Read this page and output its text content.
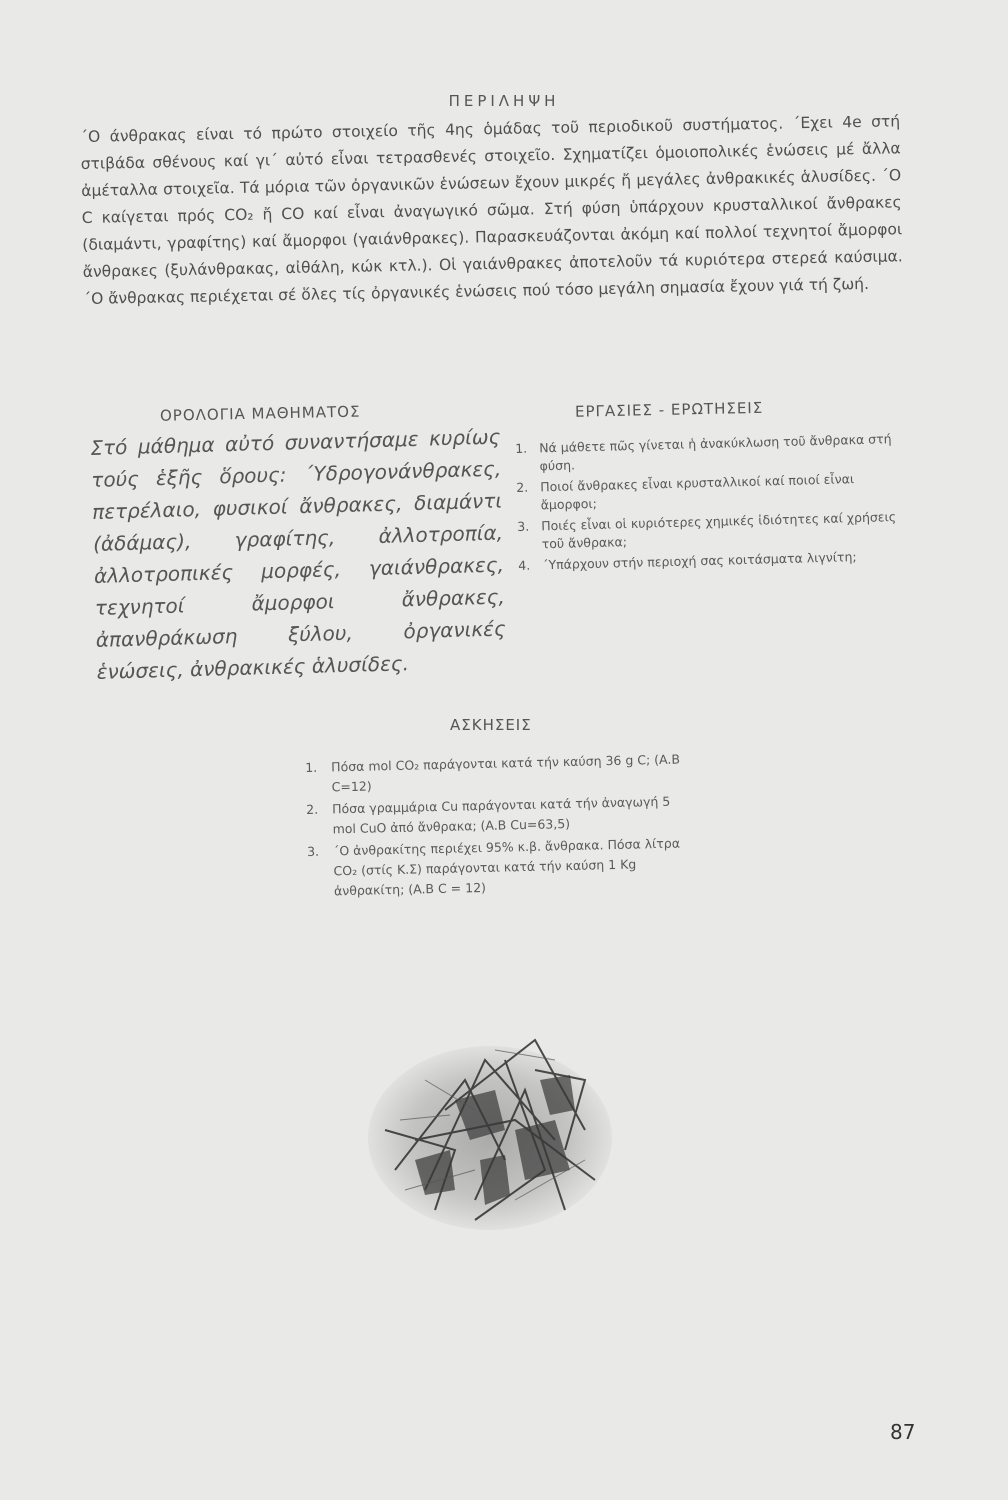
ΠΕΡΙΛΗΨΗ
΄Ο άνθρακας είναι τό πρώτο στοιχείο τῆς 4ης ὁμάδας τοῦ περιοδικοῦ συστήματος. ΄Εχει 4e στή στιβάδα σθένους καί γι΄ αὐτό εἶναι τετρασθενές στοιχεῖο. Σχηματίζει ὁμοιοπολικές ἑνώσεις μέ ἄλλα ἀμέταλλα στοιχεῖα. Τά μόρια τῶν ὀργανικῶν ἑνώσεων ἔχουν μικρές ἤ μεγάλες ἀνθρακικές ἁλυσίδες. ΄Ο C καίγεται πρός CO₂ ἤ CO καί εἶναι ἀναγωγικό σῶμα. Στή φύση ὑπάρχουν κρυσταλλικοί ἄνθρακες (διαμάντι, γραφίτης) καί ἄμορφοι (γαιάνθρακες). Παρασκευάζονται ἀκόμη καί πολλοί τεχνητοί ἄμορφοι ἄνθρακες (ξυλάνθρακας, αἰθάλη, κώκ κτλ.). Οἱ γαιάνθρακες ἀποτελοῦν τά κυριότερα στερεά καύσιμα. ΄Ο ἄνθρακας περιέχεται σέ ὅλες τίς ὀργανικές ἑνώσεις πού τόσο μεγάλη σημασία ἔχουν γιά τή ζωή.
ΟΡΟΛΟΓΙΑ ΜΑΘΗΜΑΤΟΣ
Στό μάθημα αὐτό συναντήσαμε κυρίως τούς ἑξῆς ὅρους: ΄Υδρογονάνθρακες, πετρέλαιο, φυσικοί ἄνθρακες, διαμάντι (ἀδάμας), γραφίτης, ἀλλοτροπία, ἀλλοτροπικές μορφές, γαιάνθρακες, τεχνητοί ἄμορφοι ἄνθρακες, ἀπανθράκωση ξύλου, ὀργανικές ἑνώσεις, ἀνθρακικές ἁλυσίδες.
ΕΡΓΑΣΙΕΣ - ΕΡΩΤΗΣΕΙΣ
1. Νά μάθετε πῶς γίνεται ἡ ἀνακύκλωση τοῦ ἄνθρακα στή φύση.
2. Ποιοί ἄνθρακες εἶναι κρυσταλλικοί καί ποιοί εἶναι ἄμορφοι;
3. Ποιές εἶναι οἱ κυριότερες χημικές ἰδιότητες καί χρήσεις τοῦ ἄνθρακα;
4. ΄Υπάρχουν στήν περιοχή σας κοιτάσματα λιγνίτη;
ΑΣΚΗΣΕΙΣ
1.	Πόσα mol CO₂ παράγονται κατά τήν καύση 36 g C; (A.B C=12)
2.	Πόσα γραμμάρια Cu παράγονται κατά τήν ἀναγωγή 5 mol CuO ἀπό ἄνθρακα; (A.B Cu=63,5)
3.	΄Ο ἀνθρακίτης περιέχει 95% κ.β. ἄνθρακα. Πόσα λίτρα CO₂ (στίς Κ.Σ) παράγονται κατά τήν καύση 1 Kg ἀνθρακίτη; (A.B C = 12)
87
